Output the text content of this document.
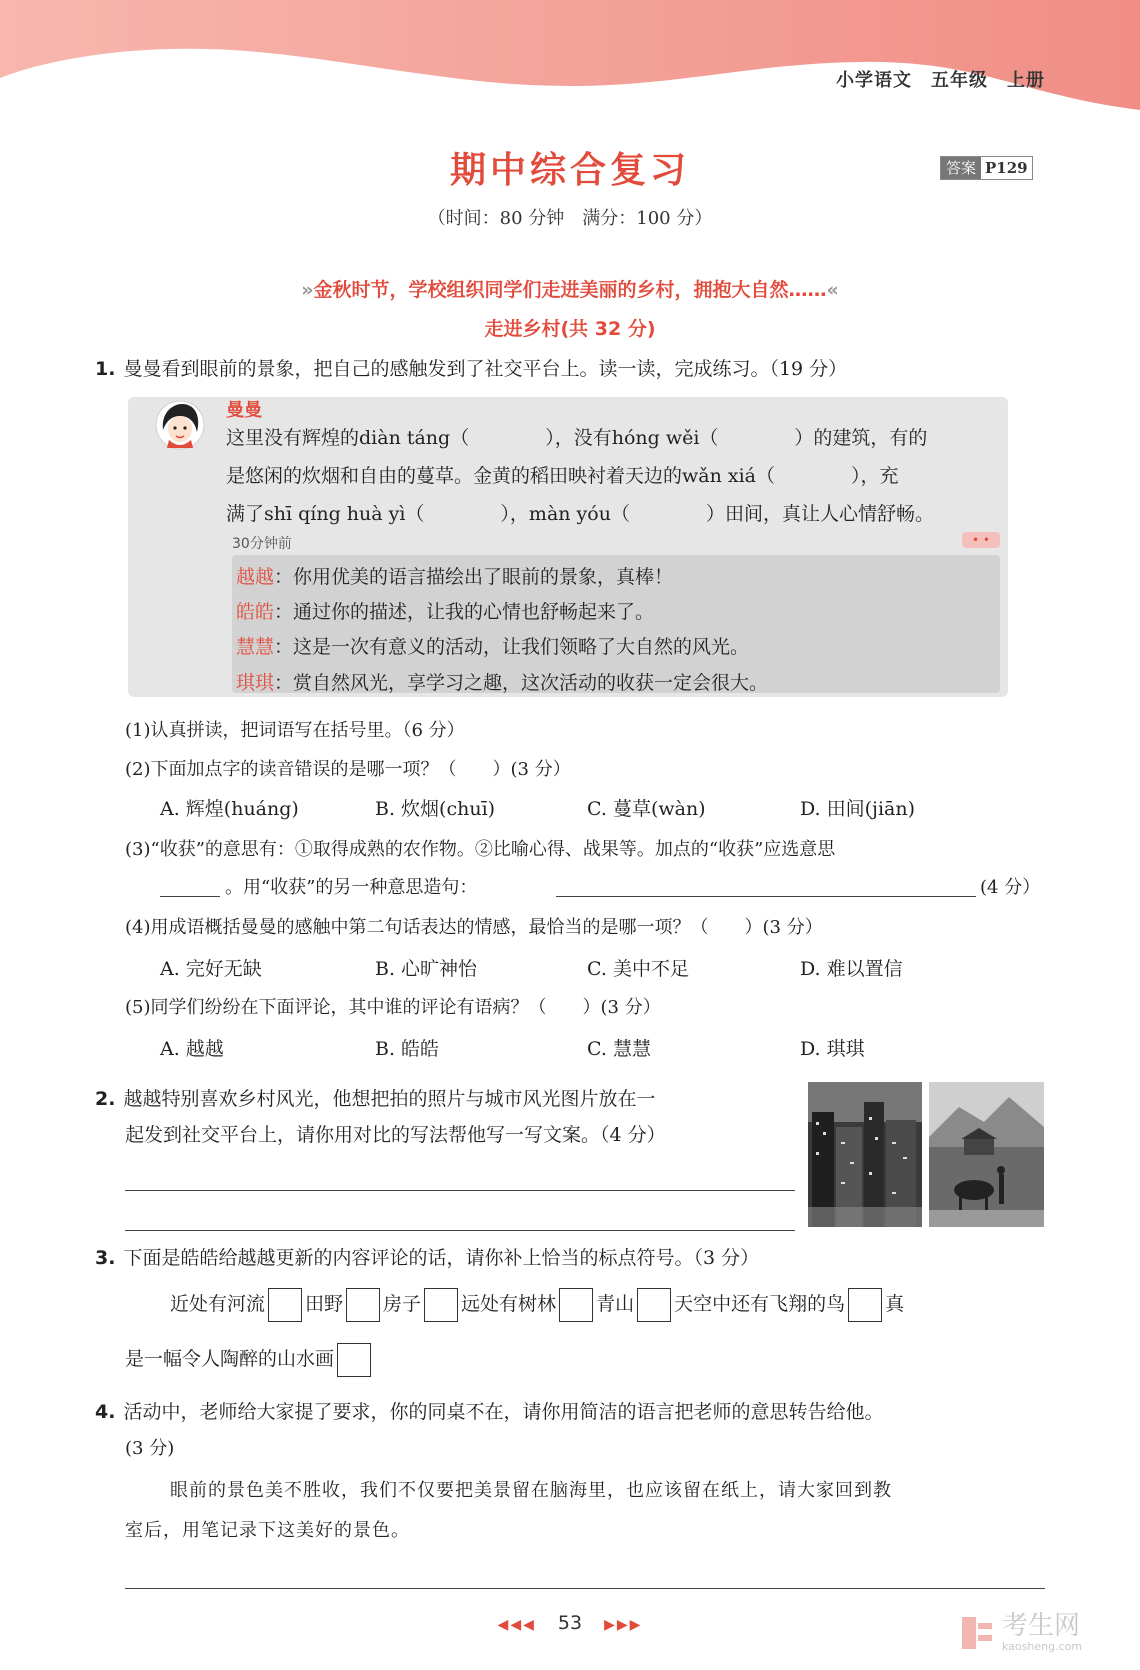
小学语文　五年级　上册
期中综合复习	答案 P129
（时间：80 分钟　满分：100 分）
»金秋时节，学校组织同学们走进美丽的乡村，拥抱大自然……«
走进乡村(共 32 分)
1. 曼曼看到眼前的景象，把自己的感触发到了社交平台上。读一读，完成练习。（19 分）
曼曼
这里没有辉煌的diàn táng（　　　　），没有hóng wěi（　　　　）的建筑，有的
是悠闲的炊烟和自由的蔓草。金黄的稻田映衬着天边的wǎn xiá（　　　　），充
满了shī qíng huà yì（　　　　），màn yóu（　　　　）田间，真让人心情舒畅。
30分钟前	• •
越越：你用优美的语言描绘出了眼前的景象，真棒！
皓皓：通过你的描述，让我的心情也舒畅起来了。
慧慧：这是一次有意义的活动，让我们领略了大自然的风光。
琪琪：赏自然风光，享学习之趣，这次活动的收获一定会很大。
(1)认真拼读，把词语写在括号里。（6 分）
(2)下面加点字的读音错误的是哪一项？（　　）(3 分）
A. 辉煌(huáng)	B. 炊烟(chuī)	C. 蔓草(wàn)	D. 田间(jiān)
(3)“收获”的意思有：①取得成熟的农作物。②比喻心得、战果等。加点的“收获”应选意思
。用“收获”的另一种意思造句：	(4 分）
(4)用成语概括曼曼的感触中第二句话表达的情感，最恰当的是哪一项？（　　）(3 分）
A. 完好无缺	B. 心旷神怡	C. 美中不足	D. 难以置信
(5)同学们纷纷在下面评论，其中谁的评论有语病？（　　）(3 分）
A. 越越	B. 皓皓	C. 慧慧	D. 琪琪
2. 越越特别喜欢乡村风光，他想把拍的照片与城市风光图片放在一
起发到社交平台上，请你用对比的写法帮他写一写文案。（4 分）
3. 下面是皓皓给越越更新的内容评论的话，请你补上恰当的标点符号。（3 分）
近处有河流 田野 房子 远处有树林 青山 天空中还有飞翔的鸟 真
是一幅令人陶醉的山水画
4. 活动中，老师给大家提了要求，你的同桌不在，请你用简洁的语言把老师的意思转告给他。
(3 分)
眼前的景色美不胜收，我们不仅要把美景留在脑海里，也应该留在纸上，请大家回到教
室后，用笔记录下这美好的景色。
◀◀◀ 53 ▶▶▶	考生网
kaosheng.com
